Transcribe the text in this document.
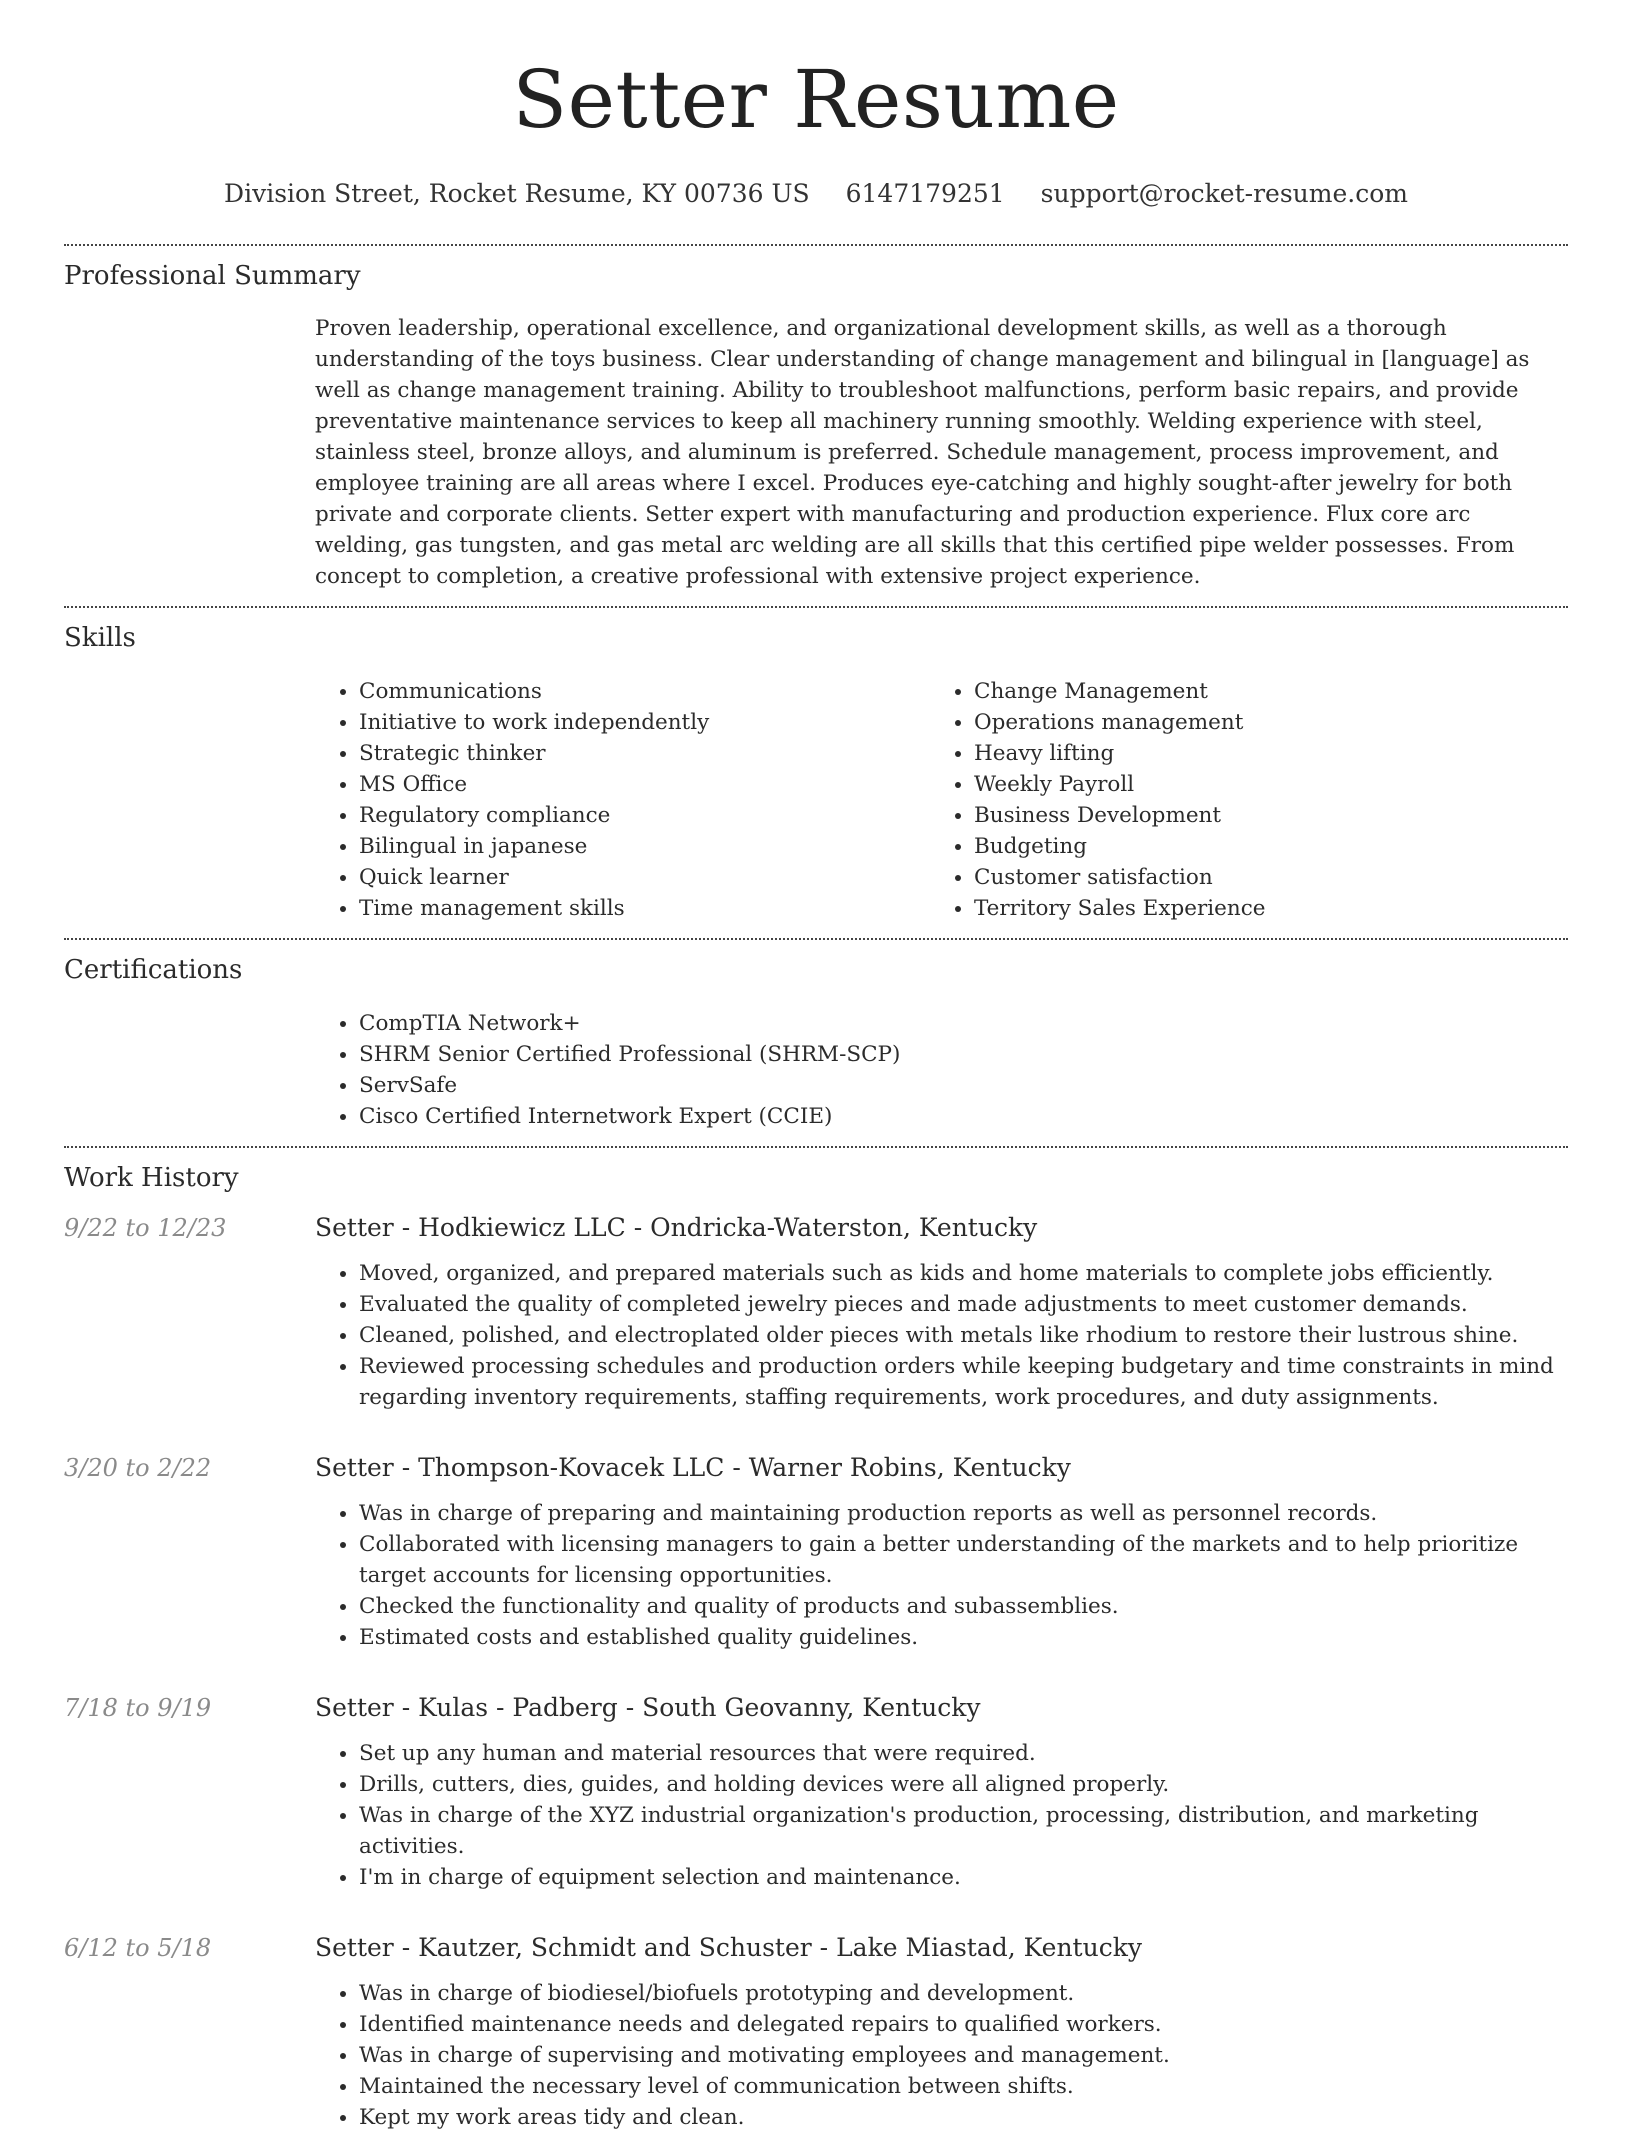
Setter Resume
Division Street, Rocket Resume, KY 00736 US 6147179251 support@rocket-resume.com
Professional Summary
Proven leadership, operational excellence, and organizational development skills, as well as a thorough understanding of the toys business. Clear understanding of change management and bilingual in [language] as well as change management training. Ability to troubleshoot malfunctions, perform basic repairs, and provide preventative maintenance services to keep all machinery running smoothly. Welding experience with steel, stainless steel, bronze alloys, and aluminum is preferred. Schedule management, process improvement, and employee training are all areas where I excel. Produces eye-catching and highly sought-after jewelry for both private and corporate clients. Setter expert with manufacturing and production experience. Flux core arc welding, gas tungsten, and gas metal arc welding are all skills that this certified pipe welder possesses. From concept to completion, a creative professional with extensive project experience.
Skills
• Communications
• Initiative to work independently
• Strategic thinker
• MS Office
• Regulatory compliance
• Bilingual in japanese
• Quick learner
• Time management skills
• Change Management
• Operations management
• Heavy lifting
• Weekly Payroll
• Business Development
• Budgeting
• Customer satisfaction
• Territory Sales Experience
Certifications
• CompTIA Network+
• SHRM Senior Certified Professional (SHRM-SCP)
• ServSafe
• Cisco Certified Internetwork Expert (CCIE)
Work History
9/22 to 12/23	Setter - Hodkiewicz LLC - Ondricka-Waterston, Kentucky
• Moved, organized, and prepared materials such as kids and home materials to complete jobs efficiently.
• Evaluated the quality of completed jewelry pieces and made adjustments to meet customer demands.
• Cleaned, polished, and electroplated older pieces with metals like rhodium to restore their lustrous shine.
• Reviewed processing schedules and production orders while keeping budgetary and time constraints in mind regarding inventory requirements, staffing requirements, work procedures, and duty assignments.
3/20 to 2/22	Setter - Thompson-Kovacek LLC - Warner Robins, Kentucky
• Was in charge of preparing and maintaining production reports as well as personnel records.
• Collaborated with licensing managers to gain a better understanding of the markets and to help prioritize target accounts for licensing opportunities.
• Checked the functionality and quality of products and subassemblies.
• Estimated costs and established quality guidelines.
7/18 to 9/19	Setter - Kulas - Padberg - South Geovanny, Kentucky
• Set up any human and material resources that were required.
• Drills, cutters, dies, guides, and holding devices were all aligned properly.
• Was in charge of the XYZ industrial organization's production, processing, distribution, and marketing activities.
• I'm in charge of equipment selection and maintenance.
6/12 to 5/18	Setter - Kautzer, Schmidt and Schuster - Lake Miastad, Kentucky
• Was in charge of biodiesel/biofuels prototyping and development.
• Identified maintenance needs and delegated repairs to qualified workers.
• Was in charge of supervising and motivating employees and management.
• Maintained the necessary level of communication between shifts.
• Kept my work areas tidy and clean.
